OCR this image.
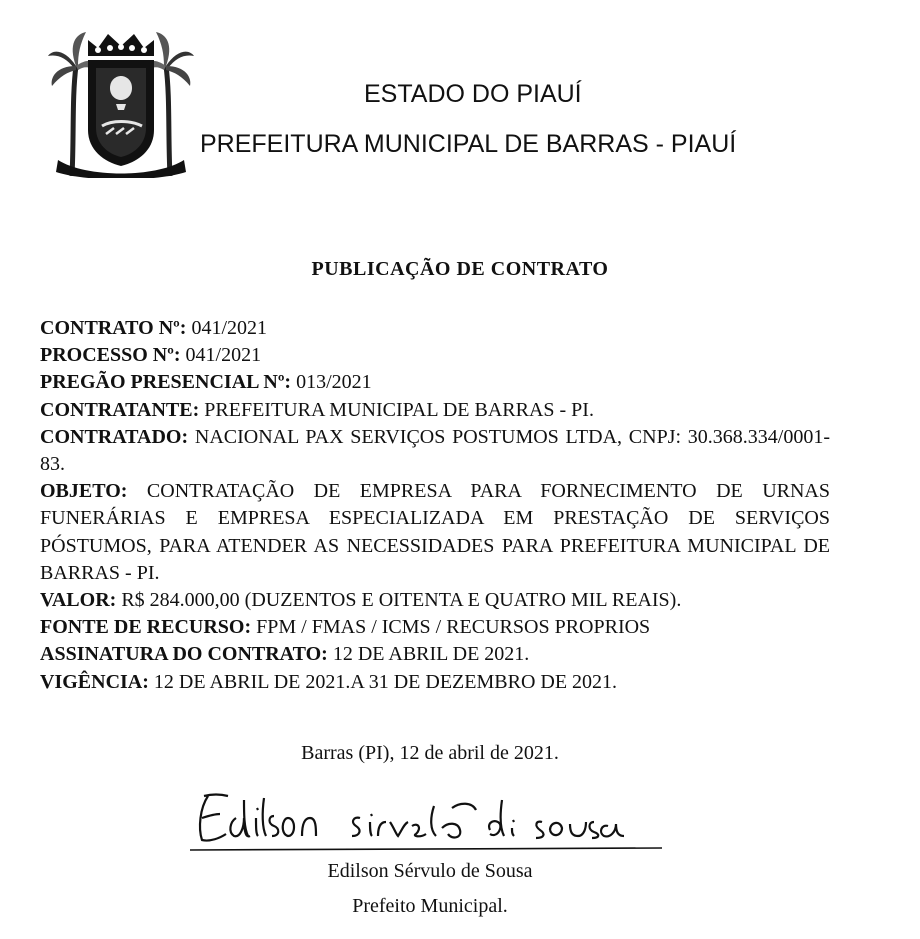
ESTADO DO PIAUÍ
PREFEITURA MUNICIPAL DE BARRAS - PIAUÍ
PUBLICAÇÃO DE CONTRATO

CONTRATO Nº: 041/2021

PROCESSO Nº: 041/2021

PREGÃO PRESENCIAL Nº: 013/2021

CONTRATANTE: PREFEITURA MUNICIPAL DE BARRAS - PI.

CONTRATADO: NACIONAL PAX SERVIÇOS POSTUMOS LTDA, CNPJ: 30.368.334/0001-83.

OBJETO: CONTRATAÇÃO DE EMPRESA PARA FORNECIMENTO DE URNAS FUNERÁRIAS E EMPRESA ESPECIALIZADA EM PRESTAÇÃO DE SERVIÇOS PÓSTUMOS, PARA ATENDER AS NECESSIDADES PARA PREFEITURA MUNICIPAL DE BARRAS - PI.

VALOR: R$ 284.000,00 (DUZENTOS E OITENTA E QUATRO MIL REAIS).

FONTE DE RECURSO: FPM / FMAS / ICMS / RECURSOS PROPRIOS

ASSINATURA DO CONTRATO: 12 DE ABRIL DE 2021.

VIGÊNCIA: 12 DE ABRIL DE 2021.A 31 DE DEZEMBRO DE 2021.

Barras (PI), 12 de abril de 2021.
Edilson Sérvulo de Sousa
Prefeito Municipal.
